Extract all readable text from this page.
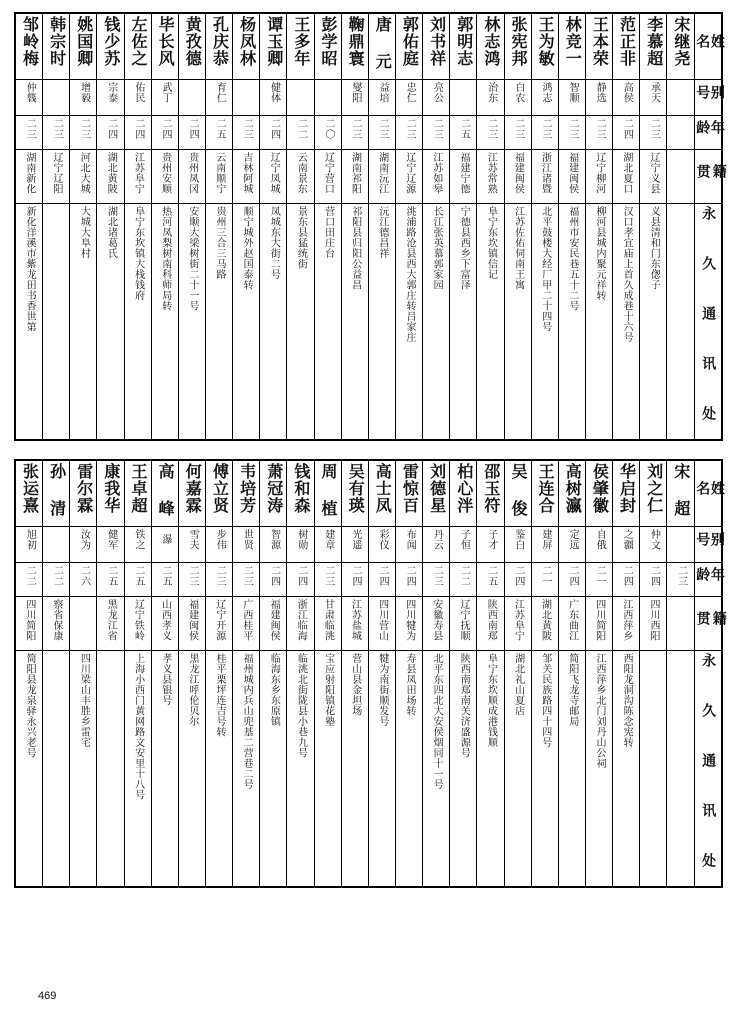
邹岭梅	韩宗时	姚国卿	钱少苏	左佐之	毕长风	黄孜德	孔庆恭	杨凤林	谭玉卿	王多年	彭学昭	鞠鼎寰	唐 元	郭佑庭	刘书祥	郭明志	林志鸿	张宪邦	王为敏	林竞一	王本荣	范正非	李慕超	宋继尧	姓 名
仲篯		增毅	宗泰	佑民	武丁		育仁		健体			燮阳	益培	忠仁	亮公		治东	白农	鸿志	智顺	静选	高侯	承天		别 号
二三	二三	二三	二四	二四	二四	二四	二五	二三	二四	二二	二〇	二三	二三	二三	二三	二五	二三	二三	二三	二三	二三	二四	二三		年 龄
湖南新化	辽宁辽阳	河北大城	湖北黄陂	江苏阜宁	贵州安顺	贵州凤冈	云南顺宁	吉林阿城	辽宁凤城	云南景东	辽宁营口	湖南祁阳	湖南沅江	辽宁辽源	江苏如皋	福建宁德	江苏常熟	福建闽侯	浙江诸暨	福建闽侯	辽宁柳河	湖北夏口	辽宁义县		籍 贯
新化洋溪市紫龙田书香世第		大城大阜村	湖北诸葛氏	阜宁东坎镇大栈钱府	热河凤梨树南科师局转	安顺大梁树街二十一号	贵州三合三马路	顺宁城外赵国泰转	凤城东大街二号	景东县猛统街	营口田庄台	祁阳县归阳公益昌	沅江德昌祥	洮浦路沧县西大郭庄转吕家庄	长江张英慕郭家园	宁德县西乡下富泽	阜宁东坎镇信记	江苏佐佑伺南王寓	北平鼓楼大经厂甲二十四号	福州市安民巷五十二号	柳河县城内聚元祥转	汉口孝宜庙上首久成巷十六号	义县清和门东偬子		永 久 通 讯 处
张运熹	孙 清	雷尔霖	康我华	王卓超	高 峰	何嘉霖	傅立贤	韦培芳	萧冠涛	钱和森	周 植	吴有瑛	高士凤	雷惊百	刘德星	柏心泮	邵玉符	吴 俊	王连合	高树瀛	侯肇徽	华启封	刘之仁	宋 超	姓 名
旭初		汝为	健军	铁之	瀑	雪夫	步伟	世贤	智源	树勋	建章	光遥	彩仪	布闻	丹云	子恒	子才	鉴白	建屏	定远	自俄	之疆	仲文		别 号
二二	二二	二六	二五	二五	二五	二三	二三	二三	二四	二四	二三	二四	二四	二四	二三	二二	二五	二四	二一	二四	二一	二四	二四	二三	年 龄
四川简阳	察省保康		黑龙江省	辽宁铁岭	山西孝义	福建闽侯	辽宁开源	广西桂平	福建闽侯	浙江临海	甘肃临洮	江苏盐城	四川营山	四川犍为	安徽寿县	辽宁抚顺	陕西南郑	江苏阜宁	湖北黄陂	广东曲江	四川简阳	江西萍乡	四川西阳		籍 贯
简阳县龙泉驿永兴老号		四川梁山丰胜乡雷宅		上海小西门黄网路文安里十八号	孝义县银号	黑龙江呼伦贝尔	桂平栗坪连吉号转	福州城内兵山兜基二营巷二号	临海东乡东原镇	临洮北街陇县小巷九号	宝应射阳镇花塾	营山县金坦场	犍为南街顺发号	寿县凤田场转	北平东四北大安侯烟同十一号	陕西南郑南关济盛源号	阜宁东坎顺成港钱顺	湖北礼山夏店	邹关民族路四十四号	简阳飞龙寺邮局	江西萍乡北门刘丹山公祠	西阳龙洞沟陈念宪转			永 久 通 讯 处
469
